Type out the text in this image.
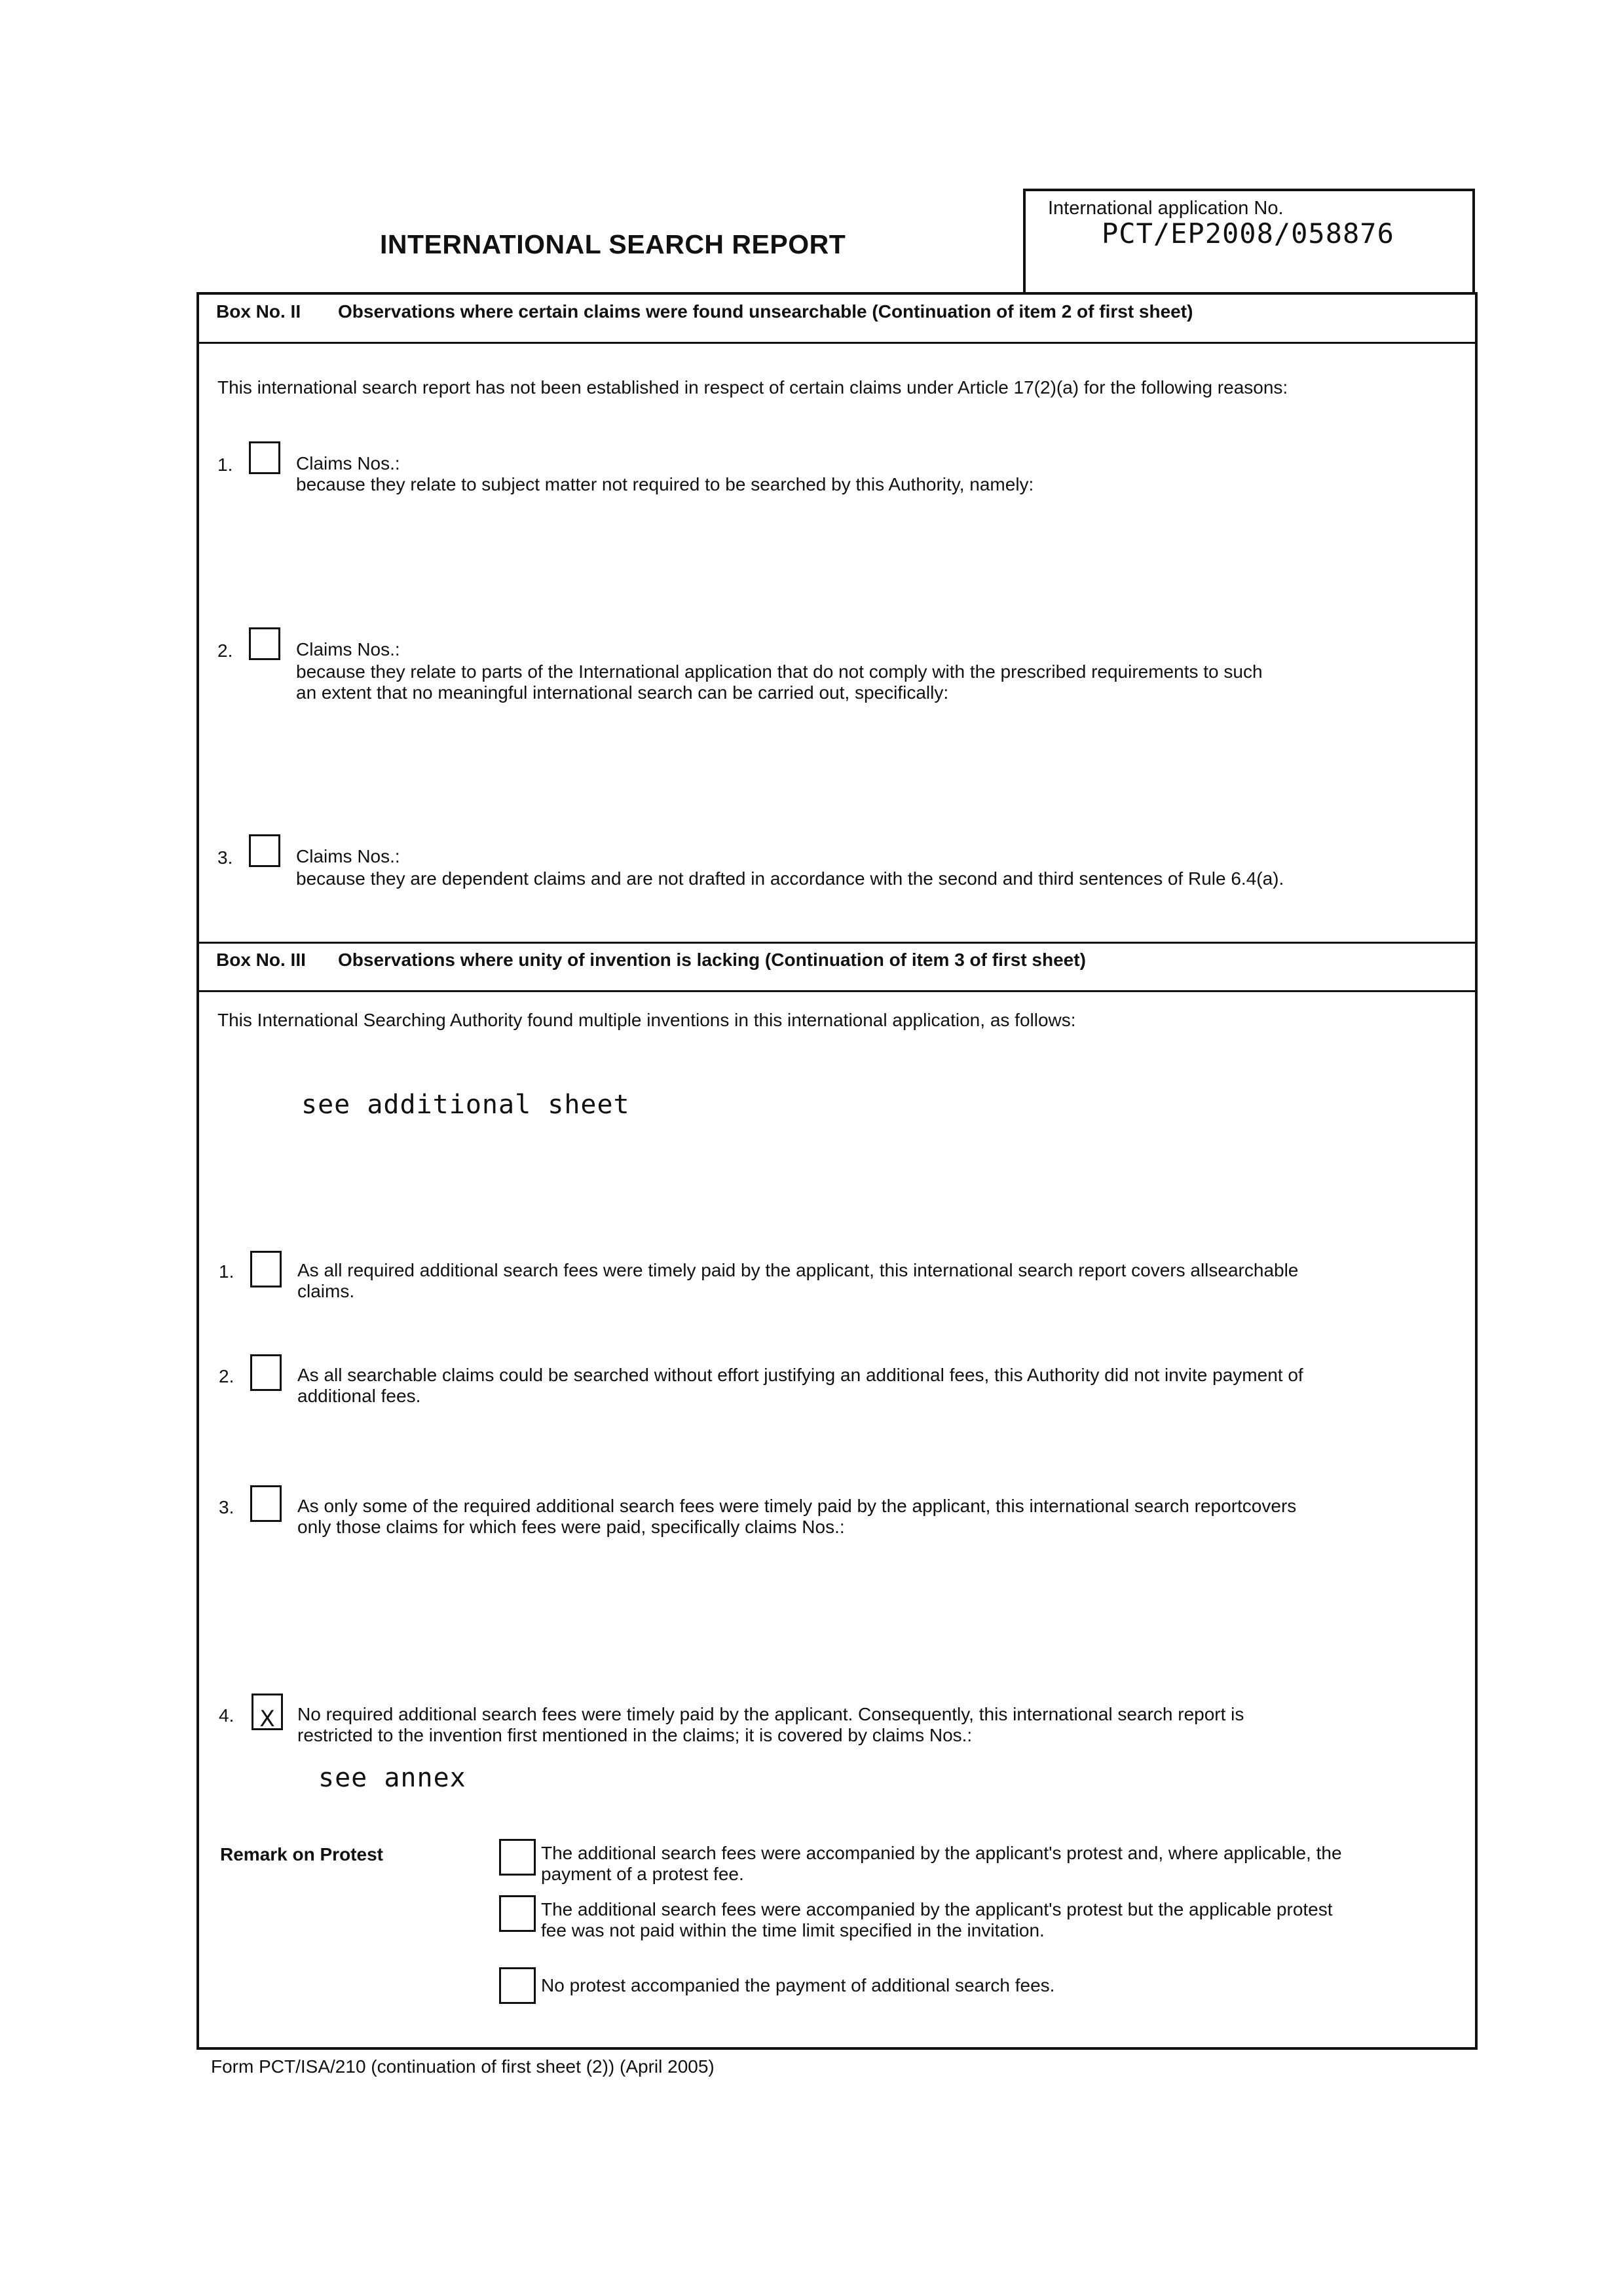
INTERNATIONAL SEARCH REPORT
International application No.
PCT/EP2008/058876
Box No. II Observations where certain claims were found unsearchable (Continuation of item 2 of first sheet)
This international search report has not been established in respect of certain claims under Article 17(2)(a) for the following reasons:
1.	Claims Nos.:
because they relate to subject matter not required to be searched by this Authority, namely:
2.	Claims Nos.:
because they relate to parts of the International application that do not comply with the prescribed requirements to such
an extent that no meaningful international search can be carried out, specifically:
3.	Claims Nos.:
because they are dependent claims and are not drafted in accordance with the second and third sentences of Rule 6.4(a).
Box No. III Observations where unity of invention is lacking (Continuation of item 3 of first sheet)
This International Searching Authority found multiple inventions in this international application, as follows:
see additional sheet
1.	As all required additional search fees were timely paid by the applicant, this international search report covers allsearchable
claims.
2.	As all searchable claims could be searched without effort justifying an additional fees, this Authority did not invite payment of
additional fees.
3.	As only some of the required additional search fees were timely paid by the applicant, this international search reportcovers
only those claims for which fees were paid, specifically claims Nos.:
4.	X	No required additional search fees were timely paid by the applicant. Consequently, this international search report is
restricted to the invention first mentioned in the claims; it is covered by claims Nos.:
see annex
Remark on Protest	The additional search fees were accompanied by the applicant's protest and, where applicable, the
payment of a protest fee.
The additional search fees were accompanied by the applicant's protest but the applicable protest
fee was not paid within the time limit specified in the invitation.
No protest accompanied the payment of additional search fees.
Form PCT/ISA/210 (continuation of first sheet (2)) (April 2005)
